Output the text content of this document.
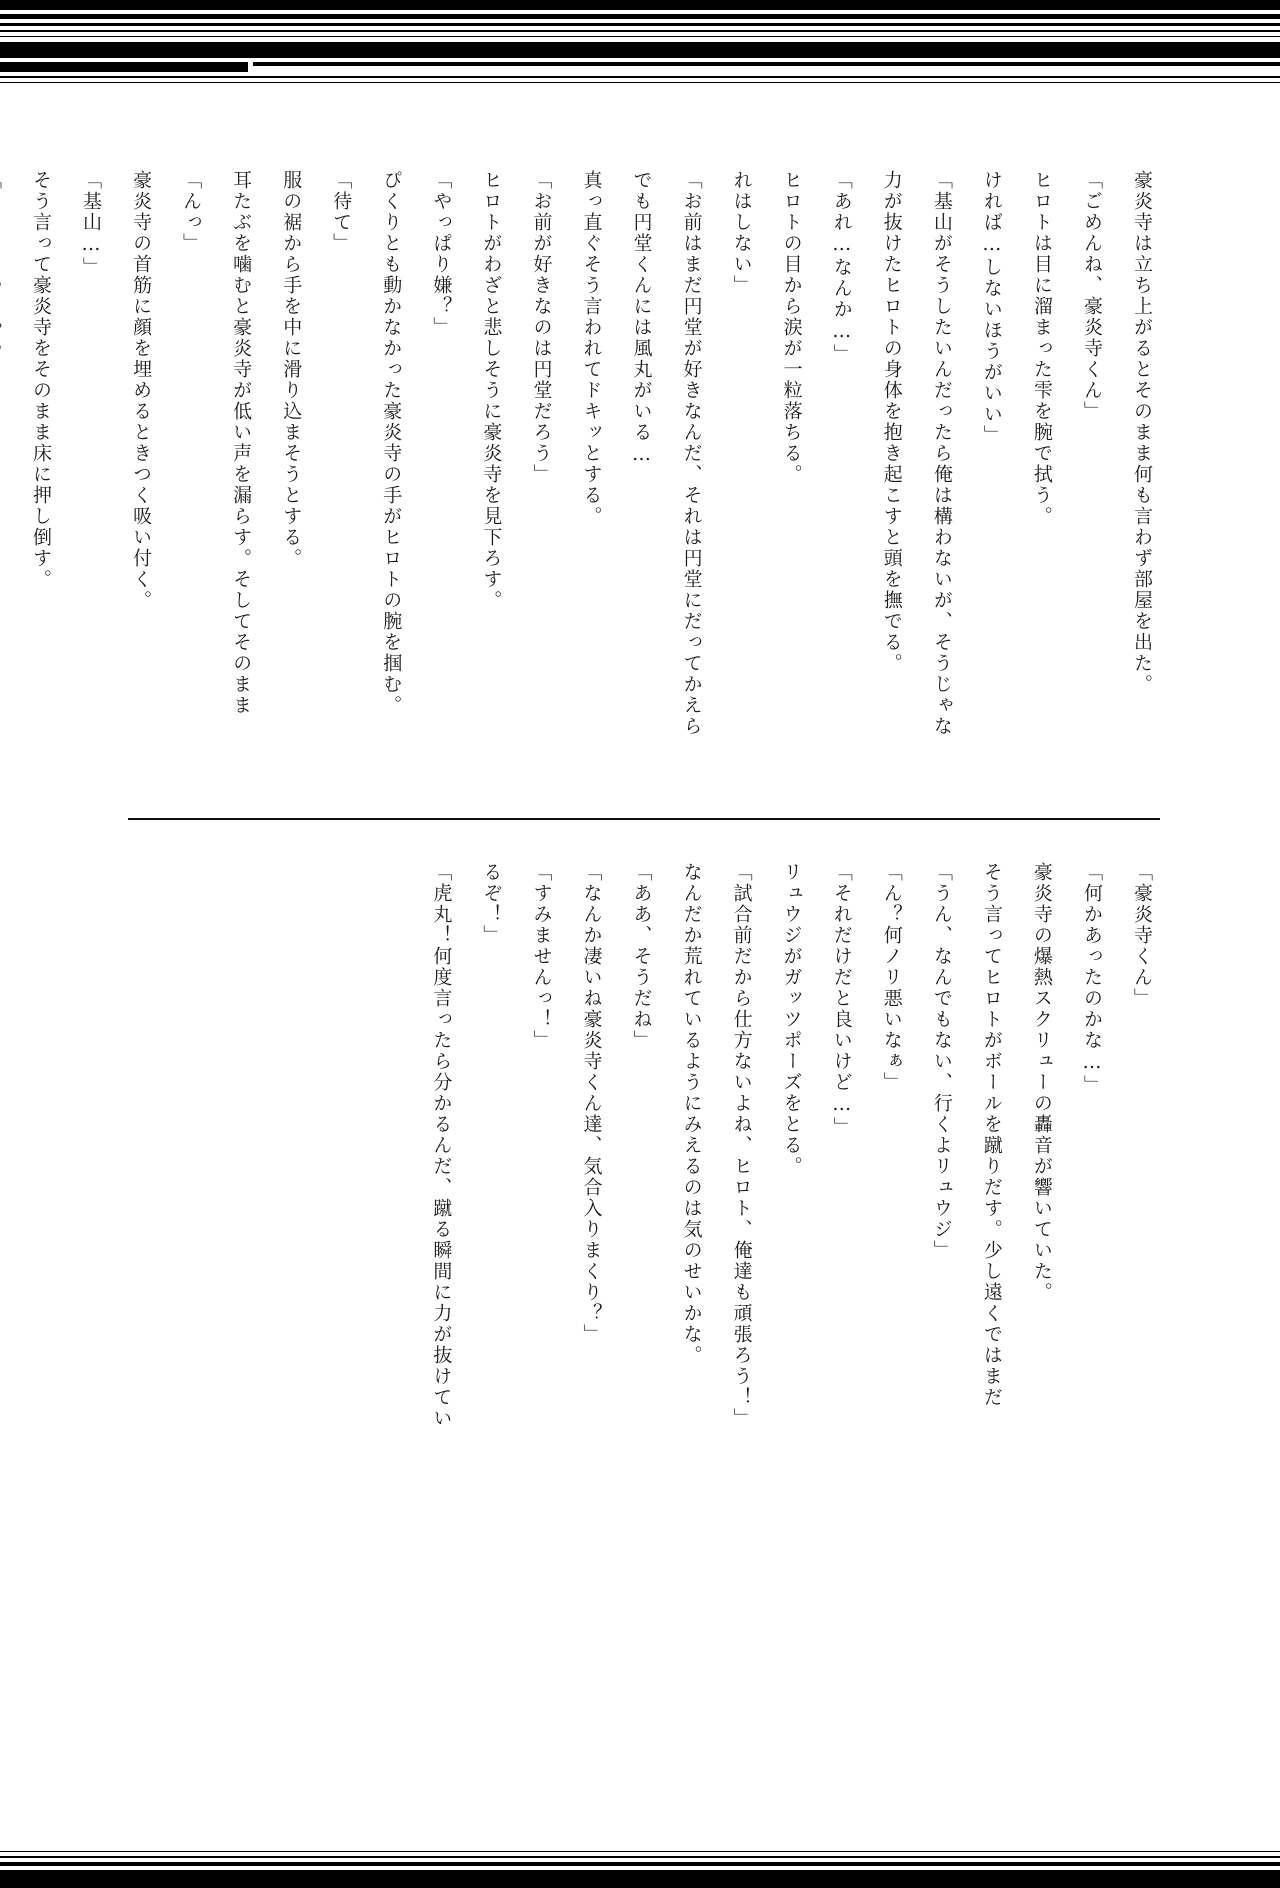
そう言って豪炎寺をそのまま床に押し倒す。	「基山…」	豪炎寺の首筋に顔を埋めるときつく吸い付く。	「んっ」	耳たぶを噛むと豪炎寺が低い声を漏らす。そしてそのまま	服の裾から手を中に滑り込まそうとする。	「待て」	ぴくりとも動かなかった豪炎寺の手がヒロトの腕を掴む。	「やっぱり嫌？」	ヒロトがわざと悲しそうに豪炎寺を見下ろす。	「お前が好きなのは円堂だろう」	真っ直ぐそう言われてドキッとする。	でも円堂くんには風丸がいる…	「お前はまだ円堂が好きなんだ、それは円堂にだってかえら	れはしない」	ヒロトの目から涙が一粒落ちる。	「あれ…なんか…」	力が抜けたヒロトの身体を抱き起こすと頭を撫でる。	「基山がそうしたいんだったら俺は構わないが、そうじゃな	ければ…しないほうがいい」	ヒロトは目に溜まった雫を腕で拭う。	「ごめんね、豪炎寺くん」	豪炎寺は立ち上がるとそのまま何も言わず部屋を出た。
「虎丸！何度言ったら分かるんだ、蹴る瞬間に力が抜けてい	るぞ！」	「すみませんっ！」	「なんか凄いね豪炎寺くん達、気合入りまくり？」	「ああ、そうだね」	なんだか荒れているようにみえるのは気のせいかな。	「試合前だから仕方ないよね、ヒロト、俺達も頑張ろう！」	リュウジがガッツポーズをとる。	「それだけだと良いけど…」	「ん？何ノリ悪いなぁ」	「うん、なんでもない、行くよリュウジ」	そう言ってヒロトがボールを蹴りだす。少し遠くではまだ	豪炎寺の爆熱スクリューの轟音が響いていた。	「何かあったのかな…」	「豪炎寺くん」
